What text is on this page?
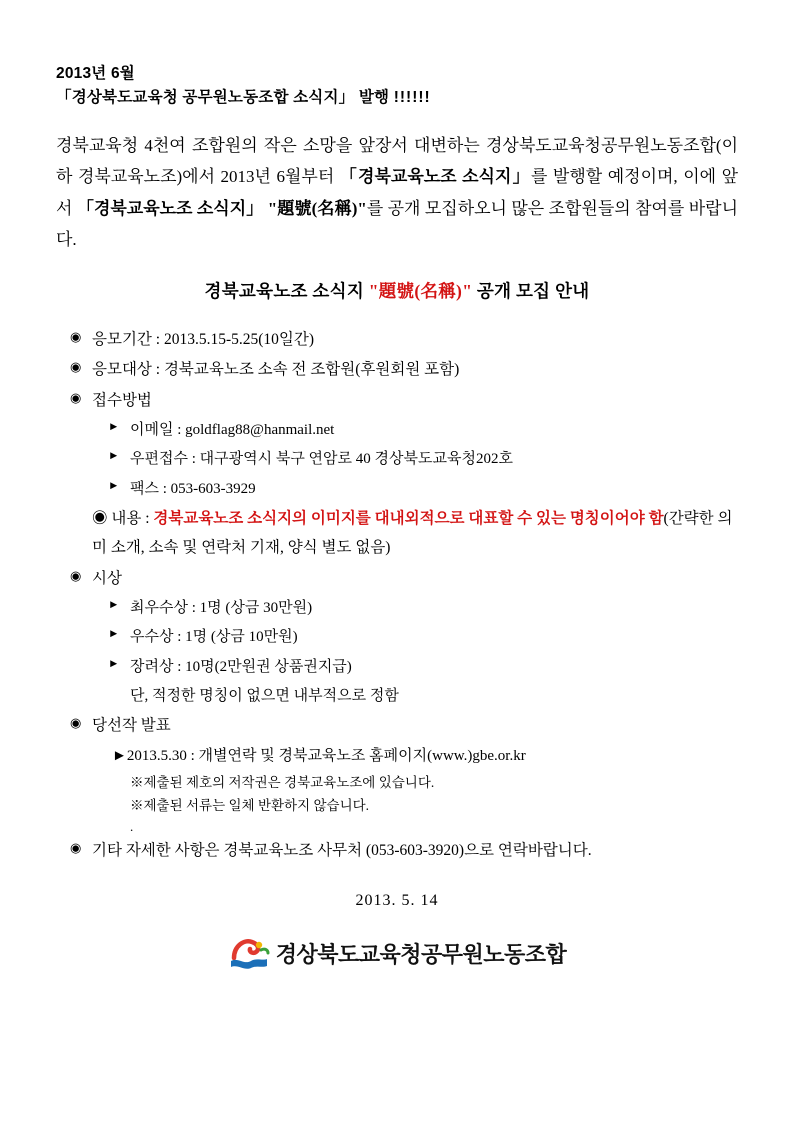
2013년 6월
「경상북도교육청 공무원노동조합 소식지」 발행 !!!!!!
경북교육청 4천여 조합원의 작은 소망을 앞장서 대변하는 경상북도교육청공무원노동조합(이하 경북교육노조)에서 2013년 6월부터 「경북교육노조 소식지」를 발행할 예정이며, 이에 앞서 「경북교육노조 소식지」 "題號(名稱)"를 공개 모집하오니 많은 조합원들의 참여를 바랍니다.
경북교육노조 소식지 "題號(名稱)" 공개 모집 안내
◉ 응모기간 : 2013.5.15-5.25(10일간)
◉ 응모대상 : 경북교육노조 소속 전 조합원(후원회원 포함)
◉ 접수방법
► 이메일 : goldflag88@hanmail.net
► 우편접수 : 대구광역시 북구 연암로 40 경상북도교육청202호
► 팩스 : 053-603-3929
◉ 내용 : 경북교육노조 소식지의 이미지를 대내외적으로 대표할 수 있는 명칭이어야 함(간략한 의미 소개, 소속 및 연락처 기재, 양식 별도 없음)
◉ 시상
► 최우수상 : 1명 (상금 30만원)
► 우수상 : 1명 (상금 10만원)
► 장려상 : 10명(2만원권 상품권지급)
단, 적정한 명칭이 없으면 내부적으로 정함
◉ 당선작 발표
►2013.5.30 : 개별연락 및 경북교육노조 홈페이지(www.)gbe.or.kr
※제출된 제호의 저작권은 경북교육노조에 있습니다.
※제출된 서류는 일체 반환하지 않습니다.
.
◉ 기타 자세한 사항은 경북교육노조 사무처 (053-603-3920)으로 연락바랍니다.
2013. 5. 14
경상북도교육청공무원노동조합
